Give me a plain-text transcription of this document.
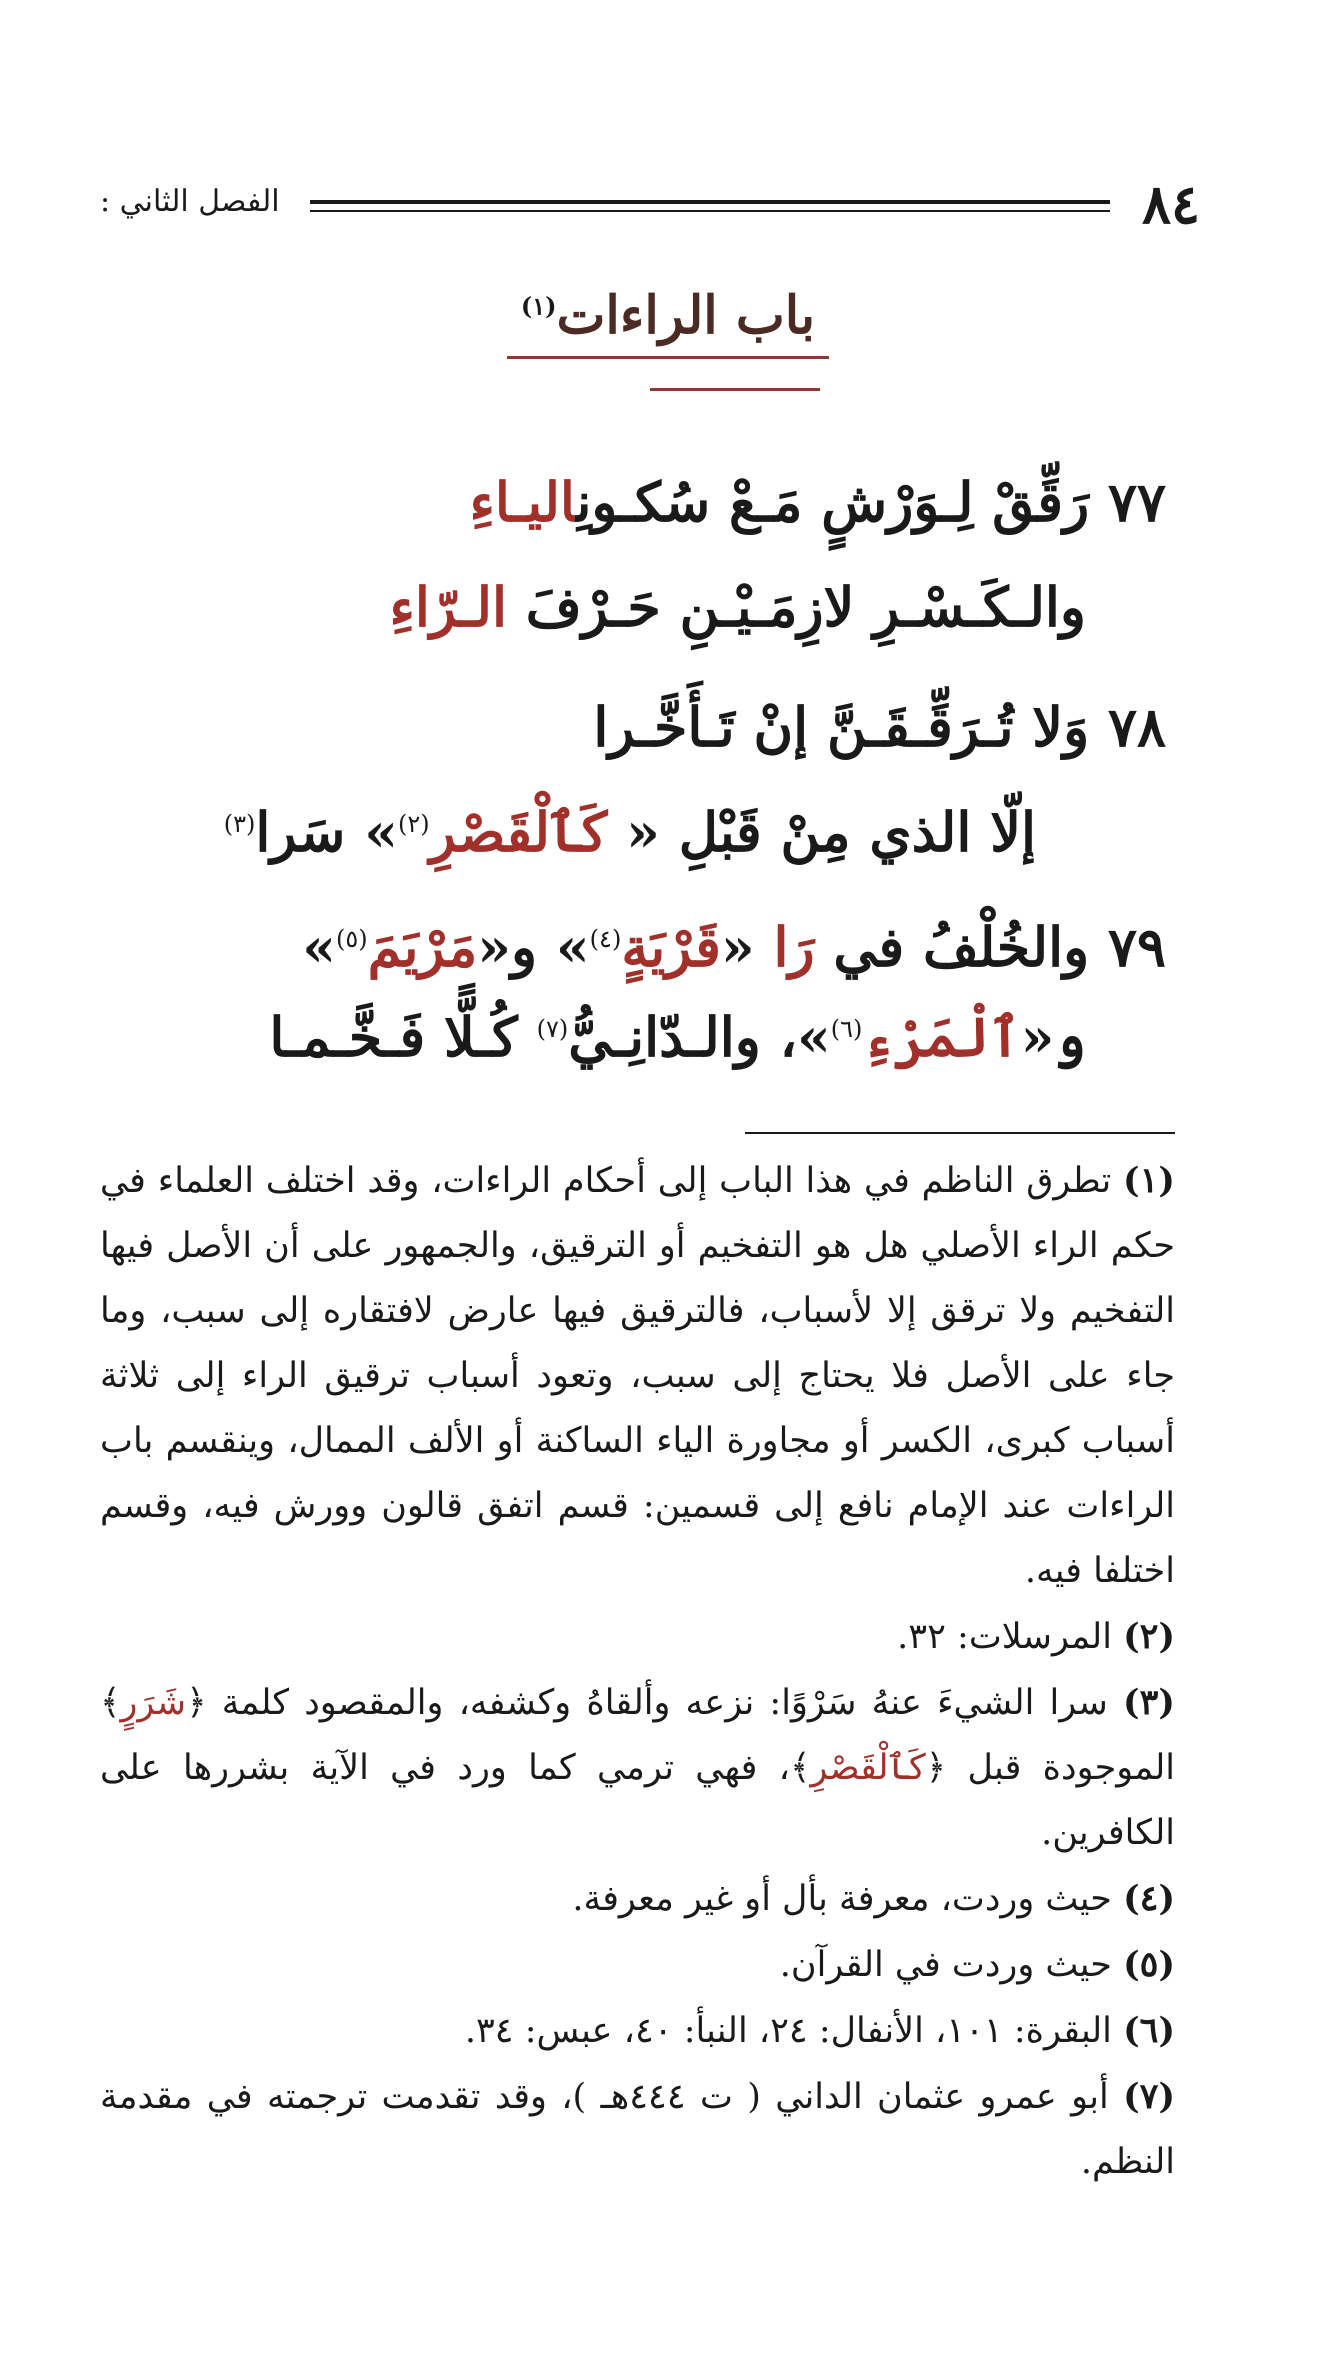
٨٤
الفصل الثاني :
باب الراءات$^{(١)}$
٧٧ رَقِّقْ لِـوَرْشٍ مَـعْ سُكـونِاليـاءِ
والـكَـسْـرِ لازِمَـيْـنِ حَـرْفَ الـرّاءِ
٧٨ وَلا تُـرَقِّـقَـنَّ إنْ تَـأَخَّـرا
إلّا الذي مِنْ قَبْلِ « كَٱلْقَصْرِ$^{(٢)}$» سَرا$^{(٣)}$
٧٩ والخُلْفُ في رَا «قَرْيَةٍ$^{(٤)}$» و«مَرْيَمَ$^{(٥)}$»
و«ٱلْمَرْءِ$^{(٦)}$»، والـدّانِـيُّ$^{(٧)}$ كُـلًّا فَـخَّـمـا
(١) تطرق الناظم في هذا الباب إلى أحكام الراءات، وقد اختلف العلماء في حكم الراء الأصلي هل هو التفخيم أو الترقيق، والجمهور على أن الأصل فيها التفخيم ولا ترقق إلا لأسباب، فالترقيق فيها عارض لافتقاره إلى سبب، وما جاء على الأصل فلا يحتاج إلى سبب، وتعود أسباب ترقيق الراء إلى ثلاثة أسباب كبرى، الكسر أو مجاورة الياء الساكنة أو الألف الممال، وينقسم باب الراءات عند الإمام نافع إلى قسمين: قسم اتفق قالون وورش فيه، وقسم اختلفا فيه.
(٢) المرسلات: ٣٢.
(٣) سرا الشيءَ عنهُ سَرْوًا: نزعه وألقاهُ وكشفه، والمقصود كلمة ﴿شَرَرٍ﴾ الموجودة قبل ﴿كَٱلْقَصْرِ﴾، فهي ترمي كما ورد في الآية بشررها على الكافرين.
(٤) حيث وردت، معرفة بأل أو غير معرفة.
(٥) حيث وردت في القرآن.
(٦) البقرة: ١٠١، الأنفال: ٢٤، النبأ: ٤٠، عبس: ٣٤.
(٧) أبو عمرو عثمان الداني ( ت ٤٤٤هـ )، وقد تقدمت ترجمته في مقدمة النظم.
